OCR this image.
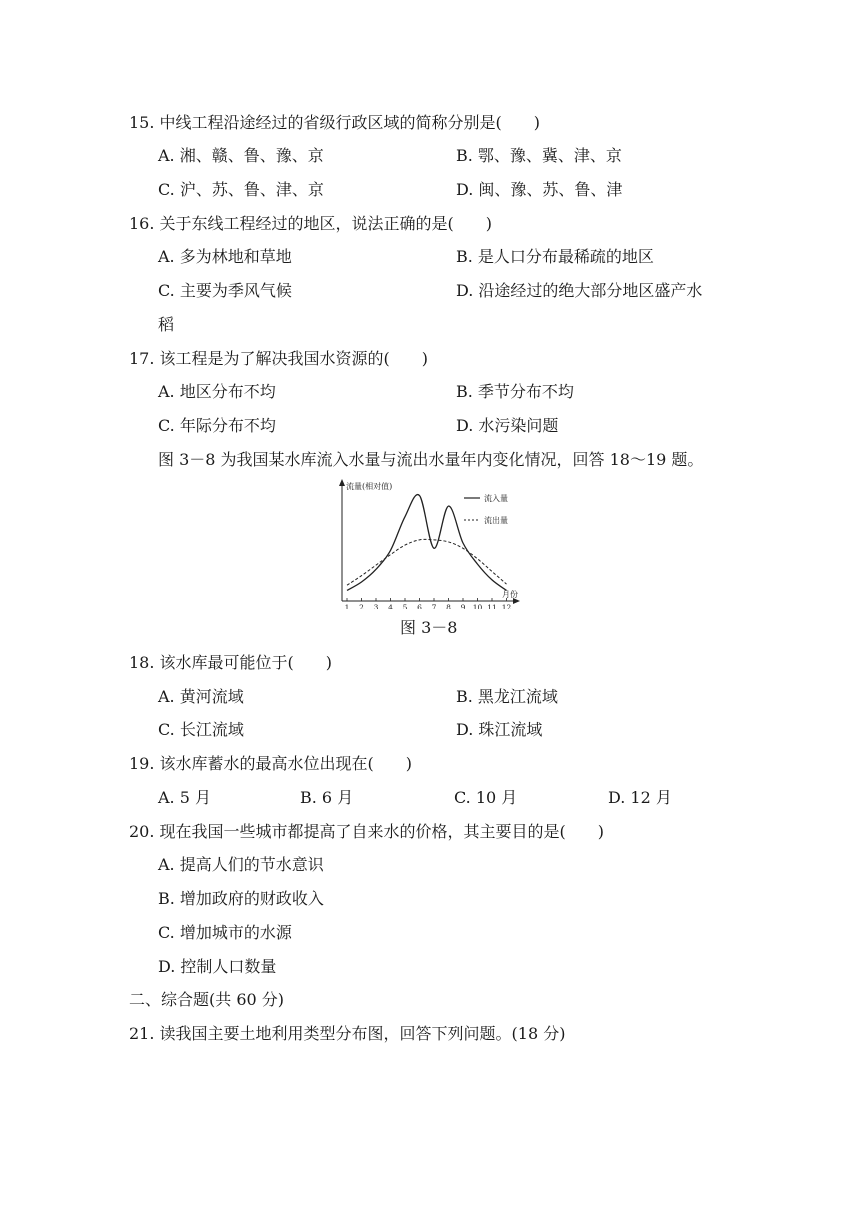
15. 中线工程沿途经过的省级行政区域的简称分别是(　　)
A. 湘、赣、鲁、豫、京	B. 鄂、豫、冀、津、京
C. 沪、苏、鲁、津、京	D. 闽、豫、苏、鲁、津
16. 关于东线工程经过的地区，说法正确的是(　　)
A. 多为林地和草地	B. 是人口分布最稀疏的地区
C. 主要为季风气候	D. 沿途经过的绝大部分地区盛产水
稻
17. 该工程是为了解决我国水资源的(　　)
A. 地区分布不均	B. 季节分布不均
C. 年际分布不均	D. 水污染问题
图 3－8 为我国某水库流入水量与流出水量年内变化情况，回答 18～19 题。
流量(相对值)
月份
流入量
流出量
1 2 3 4 5 6 7 8 9 10 11 12
图 3－8
18. 该水库最可能位于(　　)
A. 黄河流域	B. 黑龙江流域
C. 长江流域	D. 珠江流域
19. 该水库蓄水的最高水位出现在(　　)
A. 5 月	B. 6 月	C. 10 月	D. 12 月
20. 现在我国一些城市都提高了自来水的价格，其主要目的是(　　)
A. 提高人们的节水意识
B. 增加政府的财政收入
C. 增加城市的水源
D. 控制人口数量
二、综合题(共 60 分)
21. 读我国主要土地利用类型分布图，回答下列问题。(18 分)
